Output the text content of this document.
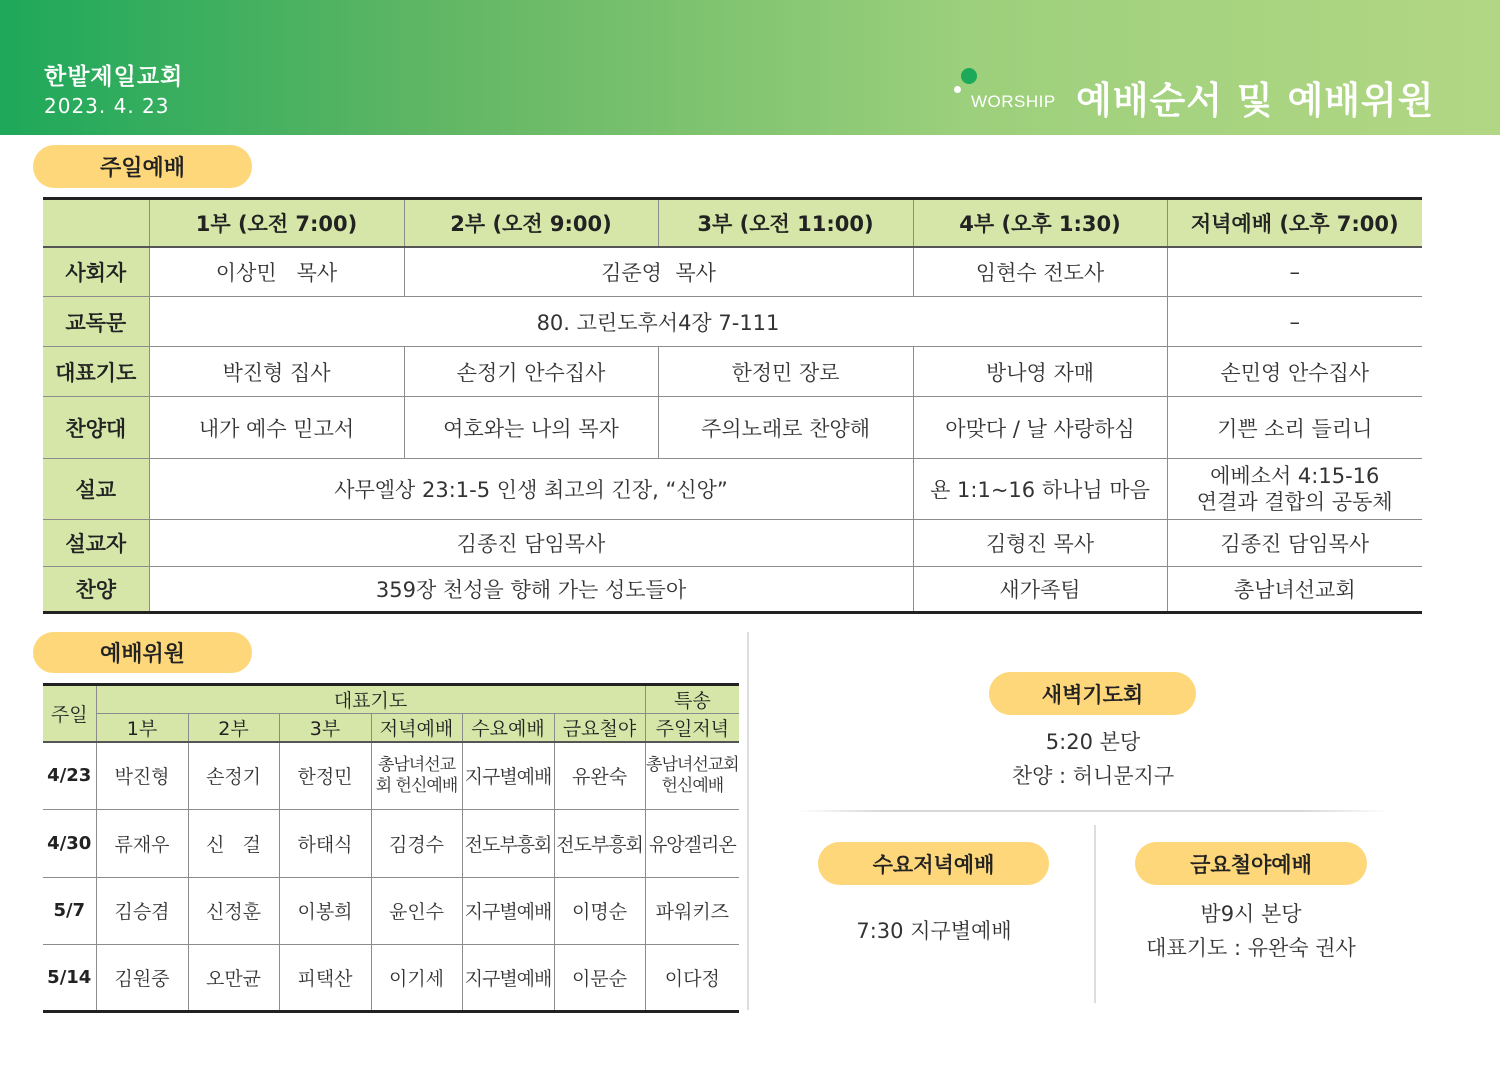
한밭제일교회
2023. 4. 23	WORSHIP 예배순서 및 예배위원
주일예배
	1부 (오전 7:00)	2부 (오전 9:00)	3부 (오전 11:00)	4부 (오후 1:30)	저녁예배 (오후 7:00)
사회자	이상민   목사	김준영  목사		임현수 전도사	–
교독문	80. 고린도후서4장 7-111				–
대표기도	박진형 집사	손정기 안수집사	한정민 장로	방나영 자매	손민영 안수집사
찬양대	내가 예수 믿고서	여호와는 나의 목자	주의노래로 찬양해	아맞다 / 날 사랑하심	기쁜 소리 들리니
설교	사무엘상 23:1-5 인생 최고의 긴장, “신앙”			욘 1:1~16 하나님 마음	에베소서 4:15-16
연결과 결합의 공동체

설교자	김종진 담임목사			김형진 목사	김종진 담임목사
찬양	359장 천성을 향해 가는 성도들아			새가족팀	총남녀선교회
예배위원
주일	대표기도						특송
	1부	2부	3부	저녁예배	수요예배	금요철야	주일저녁
4/23	박진형	손정기	한정민	총남녀선교회 헌신예배	지구별예배	유완숙	총남녀선교회 헌신예배
4/30	류재우	신   걸	하태식	김경수	전도부흥회	전도부흥회	유앙겔리온
5/7	김승겸	신정훈	이봉희	윤인수	지구별예배	이명순	파워키즈
5/14	김원중	오만균	피택산	이기세	지구별예배	이문순	이다정
새벽기도회
5:20 본당
찬양 : 허니문지구
수요저녁예배
7:30 지구별예배
금요철야예배
밤9시 본당
대표기도 : 유완숙 권사
